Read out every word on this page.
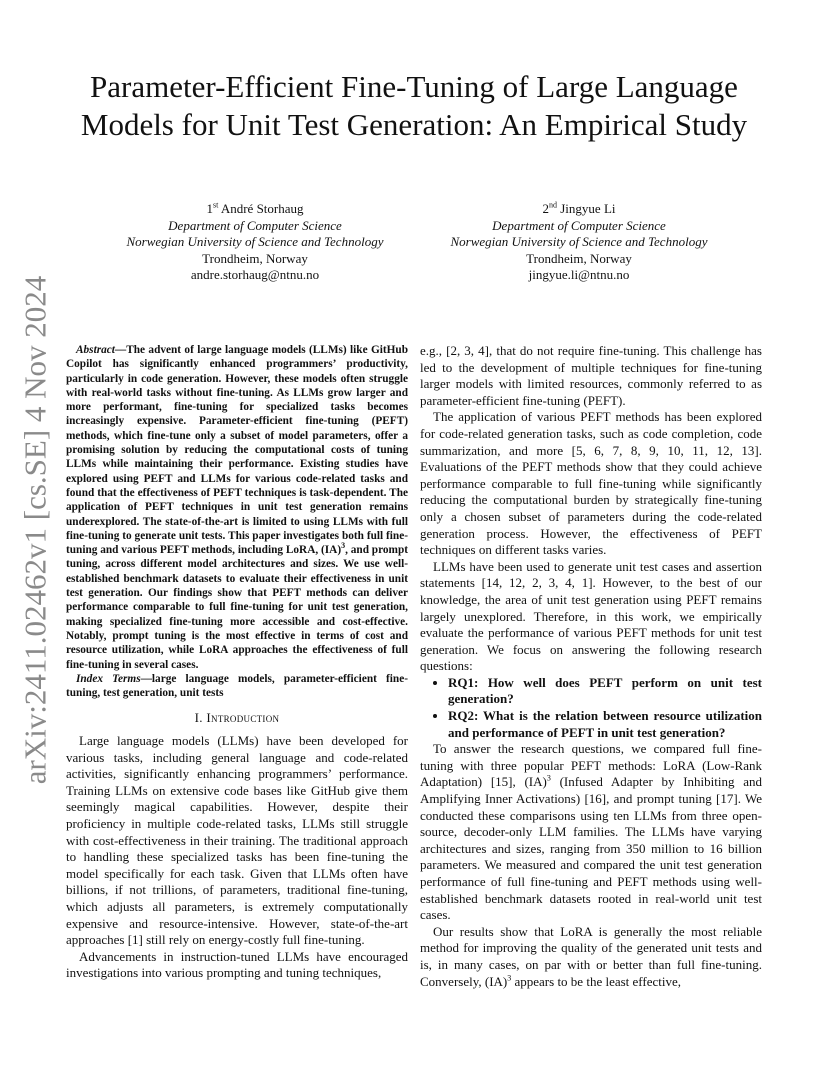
arXiv:2411.02462v1 [cs.SE] 4 Nov 2024
Parameter-Efficient Fine-Tuning of Large Language Models for Unit Test Generation: An Empirical Study
1st André Storhaug
Department of Computer Science
Norwegian University of Science and Technology
Trondheim, Norway
andre.storhaug@ntnu.no
2nd Jingyue Li
Department of Computer Science
Norwegian University of Science and Technology
Trondheim, Norway
jingyue.li@ntnu.no

Abstract—The advent of large language models (LLMs) like GitHub Copilot has significantly enhanced programmers’ productivity, particularly in code generation. However, these models often struggle with real-world tasks without fine-tuning. As LLMs grow larger and more performant, fine-tuning for specialized tasks becomes increasingly expensive. Parameter-efficient fine-tuning (PEFT) methods, which fine-tune only a subset of model parameters, offer a promising solution by reducing the computational costs of tuning LLMs while maintaining their performance. Existing studies have explored using PEFT and LLMs for various code-related tasks and found that the effectiveness of PEFT techniques is task-dependent. The application of PEFT techniques in unit test generation remains underexplored. The state-of-the-art is limited to using LLMs with full fine-tuning to generate unit tests. This paper investigates both full fine-tuning and various PEFT methods, including LoRA, (IA)$^3$, and prompt tuning, across different model architectures and sizes. We use well-established benchmark datasets to evaluate their effectiveness in unit test generation. Our findings show that PEFT methods can deliver performance comparable to full fine-tuning for unit test generation, making specialized fine-tuning more accessible and cost-effective. Notably, prompt tuning is the most effective in terms of cost and resource utilization, while LoRA approaches the effectiveness of full fine-tuning in several cases.

Index Terms—large language models, parameter-efficient fine-tuning, test generation, unit tests

I. Introduction

Large language models (LLMs) have been developed for various tasks, including general language and code-related activities, significantly enhancing programmers’ performance. Training LLMs on extensive code bases like GitHub give them seemingly magical capabilities. However, despite their proficiency in multiple code-related tasks, LLMs still struggle with cost-effectiveness in their training. The traditional approach to handling these specialized tasks has been fine-tuning the model specifically for each task. Given that LLMs often have billions, if not trillions, of parameters, traditional fine-tuning, which adjusts all parameters, is extremely computationally expensive and resource-intensive. However, state-of-the-art approaches [1] still rely on energy-costly full fine-tuning.

Advancements in instruction-tuned LLMs have encouraged investigations into various prompting and tuning techniques,

e.g., [2, 3, 4], that do not require fine-tuning. This challenge has led to the development of multiple techniques for fine-tuning larger models with limited resources, commonly referred to as parameter-efficient fine-tuning (PEFT).

The application of various PEFT methods has been explored for code-related generation tasks, such as code completion, code summarization, and more [5, 6, 7, 8, 9, 10, 11, 12, 13]. Evaluations of the PEFT methods show that they could achieve performance comparable to full fine-tuning while significantly reducing the computational burden by strategically fine-tuning only a chosen subset of parameters during the code-related generation process. However, the effectiveness of PEFT techniques on different tasks varies.

LLMs have been used to generate unit test cases and assertion statements [14, 12, 2, 3, 4, 1]. However, to the best of our knowledge, the area of unit test generation using PEFT remains largely unexplored. Therefore, in this work, we empirically evaluate the performance of various PEFT methods for unit test generation. We focus on answering the following research questions:

• RQ1: How well does PEFT perform on unit test generation?
• RQ2: What is the relation between resource utilization and performance of PEFT in unit test generation?

To answer the research questions, we compared full fine-tuning with three popular PEFT methods: LoRA (Low-Rank Adaptation) [15], (IA)$^3$ (Infused Adapter by Inhibiting and Amplifying Inner Activations) [16], and prompt tuning [17]. We conducted these comparisons using ten LLMs from three open-source, decoder-only LLM families. The LLMs have varying architectures and sizes, ranging from 350 million to 16 billion parameters. We measured and compared the unit test generation performance of full fine-tuning and PEFT methods using well-established benchmark datasets rooted in real-world unit test cases.

Our results show that LoRA is generally the most reliable method for improving the quality of the generated unit tests and is, in many cases, on par with or better than full fine-tuning. Conversely, (IA)$^3$ appears to be the least effective,
